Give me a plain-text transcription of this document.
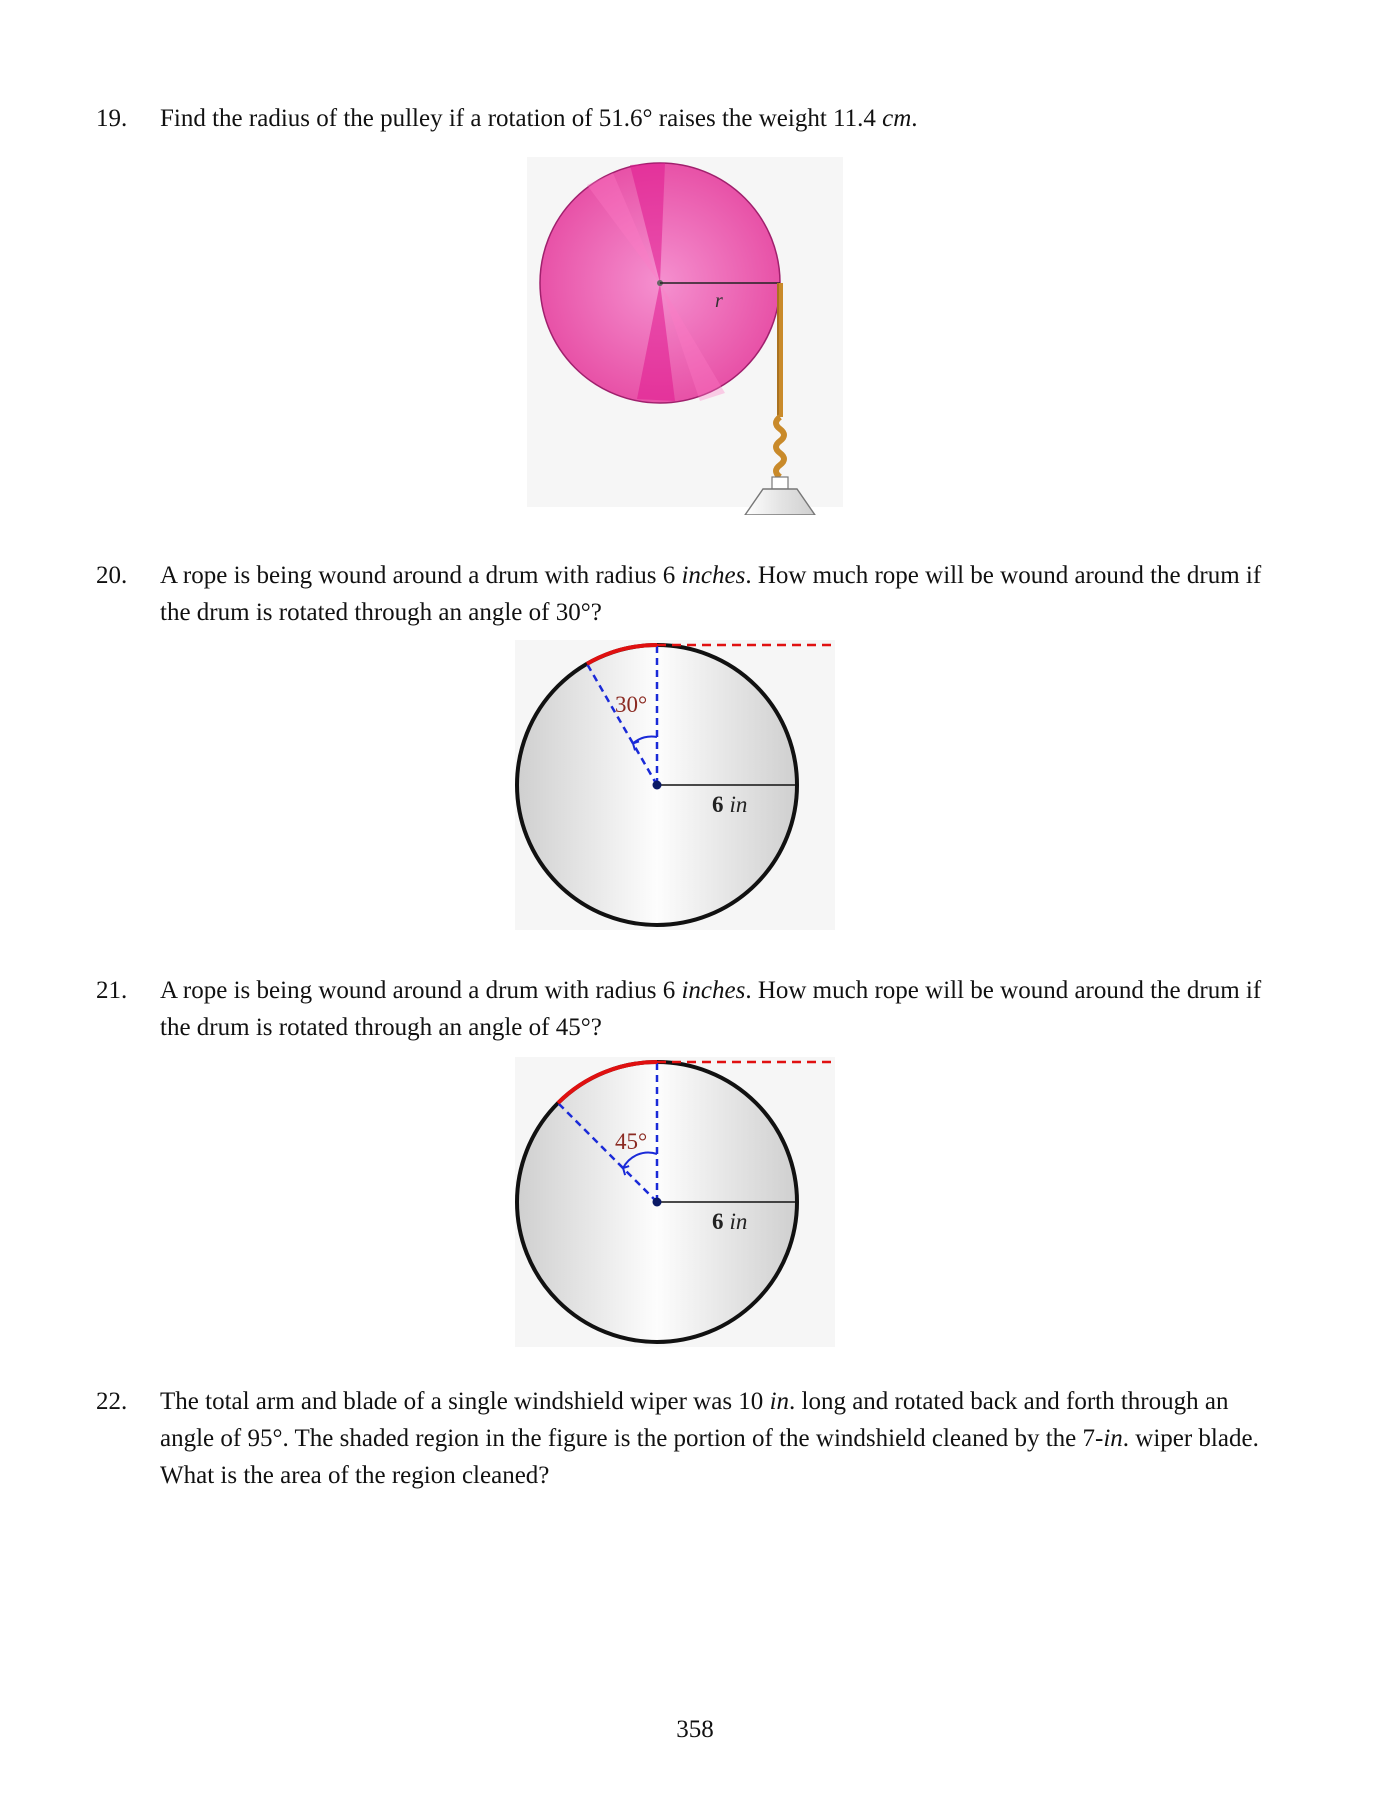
19. Find the radius of the pulley if a rotation of 51.6° raises the weight 11.4 cm.
r
20. A rope is being wound around a drum with radius 6 inches. How much rope will be wound around the drum if the drum is rotated through an angle of 30°?
30°
6 in
21. A rope is being wound around a drum with radius 6 inches. How much rope will be wound around the drum if the drum is rotated through an angle of 45°?
45°
6 in
22. The total arm and blade of a single windshield wiper was 10 in. long and rotated back and forth through an angle of 95°. The shaded region in the figure is the portion of the windshield cleaned by the 7-in. wiper blade. What is the area of the region cleaned?
358
